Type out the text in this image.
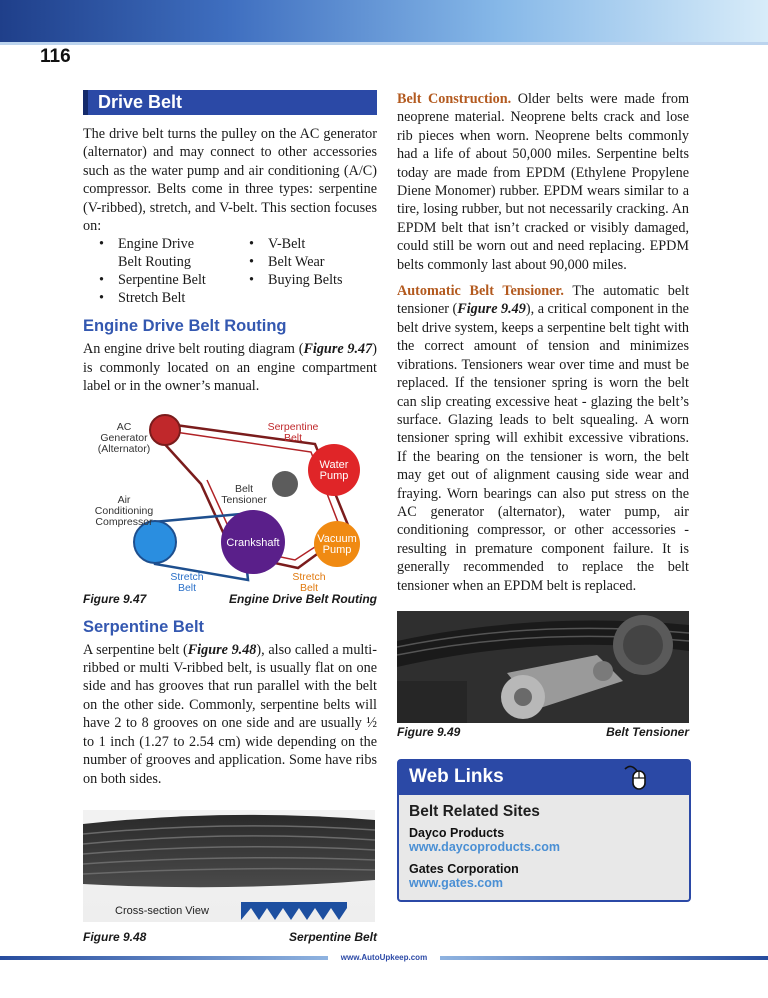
116
Drive Belt

The drive belt turns the pulley on the AC generator (alternator) and may connect to other accessories such as the water pump and air conditioning (A/C) compressor. Belts come in three types: serpentine (V-ribbed), stretch, and V-belt. This section focuses on:

• Engine Drive	• V-Belt
Belt Routing	• Belt Wear
• Serpentine Belt	• Buying Belts
• Stretch Belt
Engine Drive Belt Routing

An engine drive belt routing diagram (Figure 9.47) is commonly located on an engine compartment label or in the owner’s manual.

AC
Generator
(Alternator)
Serpentine
Belt
Water
Pump
Belt
Tensioner
Air
Conditioning
Compressor
Crankshaft	Vacuum
Pump
Stretch
Belt
Stretch
Belt
Figure 9.47	Engine Drive Belt Routing
Serpentine Belt

A serpentine belt (Figure 9.48), also called a multi-ribbed or multi V-ribbed belt, is usually flat on one side and has grooves that run parallel with the belt on the other side. Commonly, serpentine belts will have 2 to 8 grooves on one side and are usually ½ to 1 inch (1.27 to 2.54 cm) wide depending on the number of grooves and application. Some have ribs on both sides.

Cross-section View
Figure 9.48	Serpentine Belt

Belt Construction. Older belts were made from neoprene material. Neoprene belts crack and lose rib pieces when worn. Neoprene belts commonly had a life of about 50,000 miles. Serpentine belts today are made from EPDM (Ethylene Propylene Diene Monomer) rubber. EPDM wears similar to a tire, losing rubber, but not necessarily cracking. An EPDM belt that isn’t cracked or visibly damaged, could still be worn out and need replacing. EPDM belts commonly last about 90,000 miles.

Automatic Belt Tensioner. The automatic belt tensioner (Figure 9.49), a critical component in the belt drive system, keeps a serpentine belt tight with the correct amount of tension and minimizes vibrations. Tensioners wear over time and must be replaced. If the tensioner spring is worn the belt can slip creating excessive heat - glazing the belt’s surface. Glazing leads to belt squealing. A worn tensioner spring will exhibit excessive vibrations. If the bearing on the tensioner is worn, the belt may get out of alignment causing side wear and fraying. Worn bearings can also put stress on the AC generator (alternator), water pump, air conditioning compressor, or other accessories - resulting in premature component failure. It is generally recommended to replace the belt tensioner when an EPDM belt is replaced.

Figure 9.49	Belt Tensioner
Web Links
Belt Related Sites
Dayco Products
www.daycoproducts.com
Gates Corporation
www.gates.com
www.AutoUpkeep.com
